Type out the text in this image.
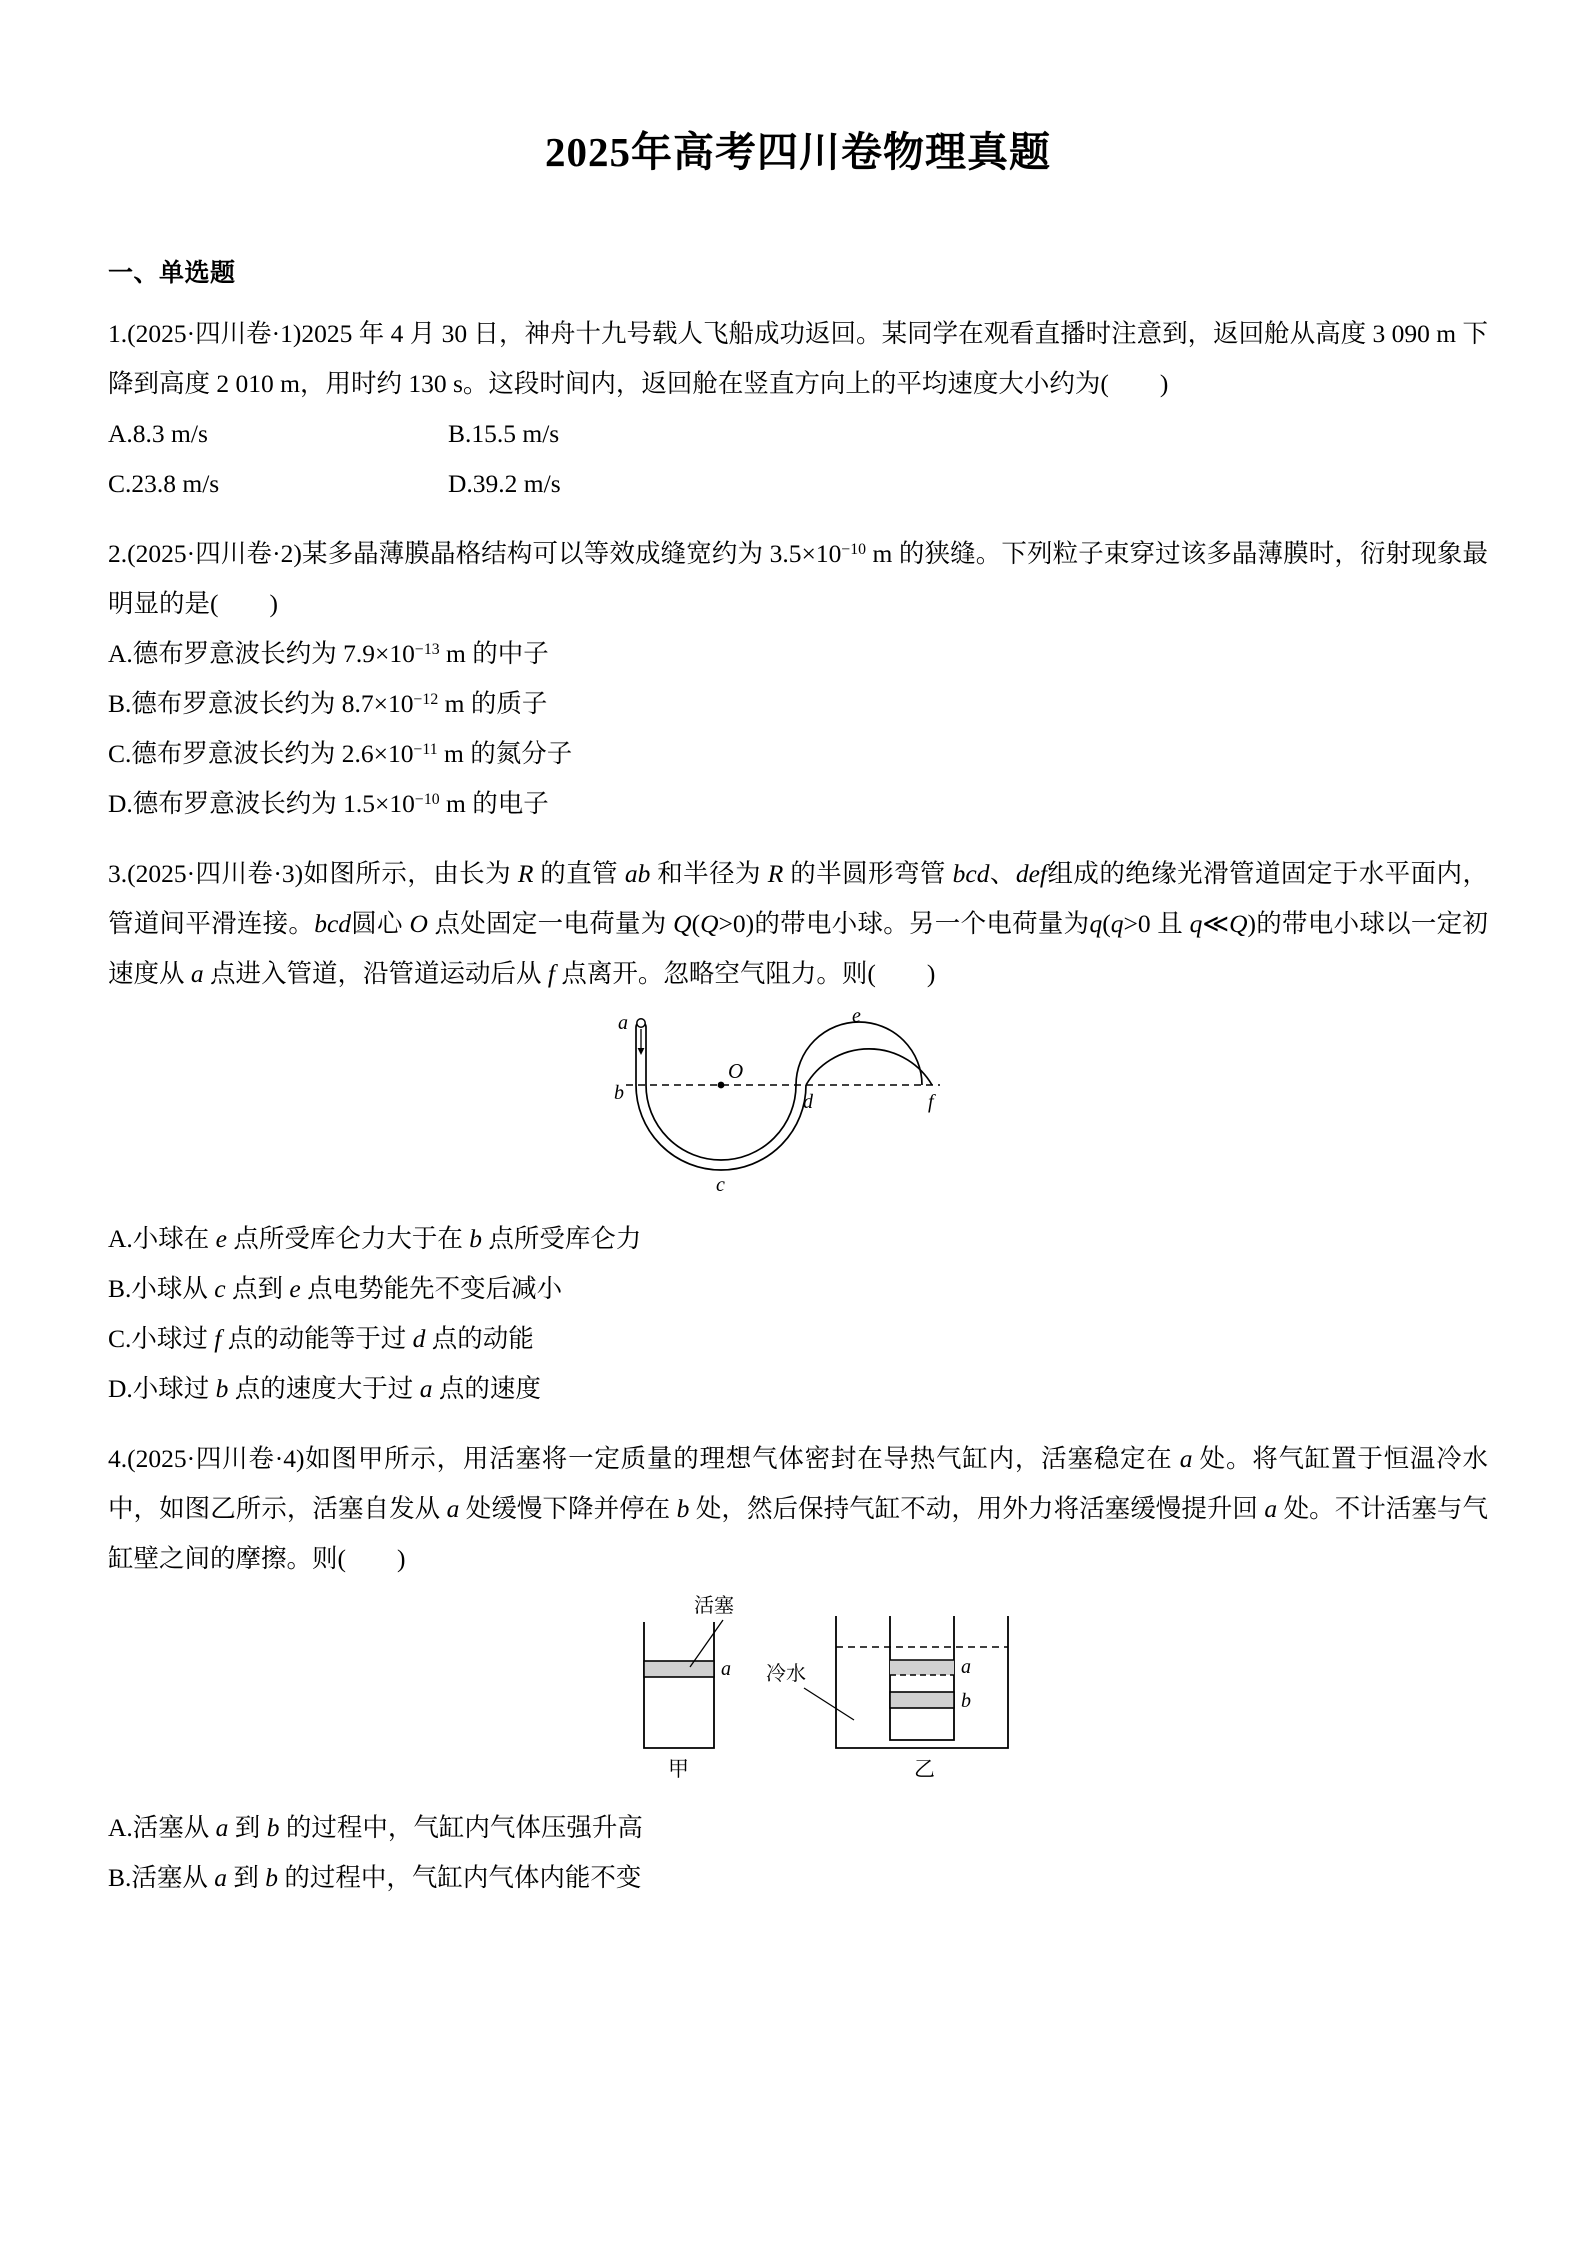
2025年高考四川卷物理真题
一、单选题

1.(2025·四川卷·1)2025 年 4 月 30 日，神舟十九号载人飞船成功返回。某同学在观看直播时注意到，返回舱从高度 3 090 m 下降到高度 2 010 m，用时约 130 s。这段时间内，返回舱在竖直方向上的平均速度大小约为(　　)

A.8.3 m/s	B.15.5 m/s
C.23.8 m/s	D.39.2 m/s

2.(2025·四川卷·2)某多晶薄膜晶格结构可以等效成缝宽约为 $3.5\times 10^{-10}$ m 的狭缝。下列粒子束穿过该多晶薄膜时，衍射现象最明显的是(　　)

A.德布罗意波长约为 $7.9\times 10^{-13}$ m 的中子
B.德布罗意波长约为 $8.7\times 10^{-12}$ m 的质子
C.德布罗意波长约为 $2.6\times 10^{-11}$ m 的氮分子
D.德布罗意波长约为 $1.5\times 10^{-10}$ m 的电子

3.(2025·四川卷·3)如图所示，由长为 R 的直管 ab 和半径为 R 的半圆形弯管 bcd、def组成的绝缘光滑管道固定于水平面内，管道间平滑连接。bcd圆心 O 点处固定一电荷量为 Q(Q>0)的带电小球。另一个电荷量为q(q>0 且 q≪Q)的带电小球以一定初速度从 a 点进入管道，沿管道运动后从 f 点离开。忽略空气阻力。则(　　)

a
b
c
d
e
f
O
A.小球在 e 点所受库仑力大于在 b 点所受库仑力
B.小球从 c 点到 e 点电势能先不变后减小
C.小球过 f 点的动能等于过 d 点的动能
D.小球过 b 点的速度大于过 a 点的速度

4.(2025·四川卷·4)如图甲所示，用活塞将一定质量的理想气体密封在导热气缸内，活塞稳定在 a 处。将气缸置于恒温冷水中，如图乙所示，活塞自发从 a 处缓慢下降并停在 b 处，然后保持气缸不动，用外力将活塞缓慢提升回 a 处。不计活塞与气缸壁之间的摩擦。则(　　)

活塞
a
甲
a
b
冷水
乙
A.活塞从 a 到 b 的过程中，气缸内气体压强升高
B.活塞从 a 到 b 的过程中，气缸内气体内能不变
